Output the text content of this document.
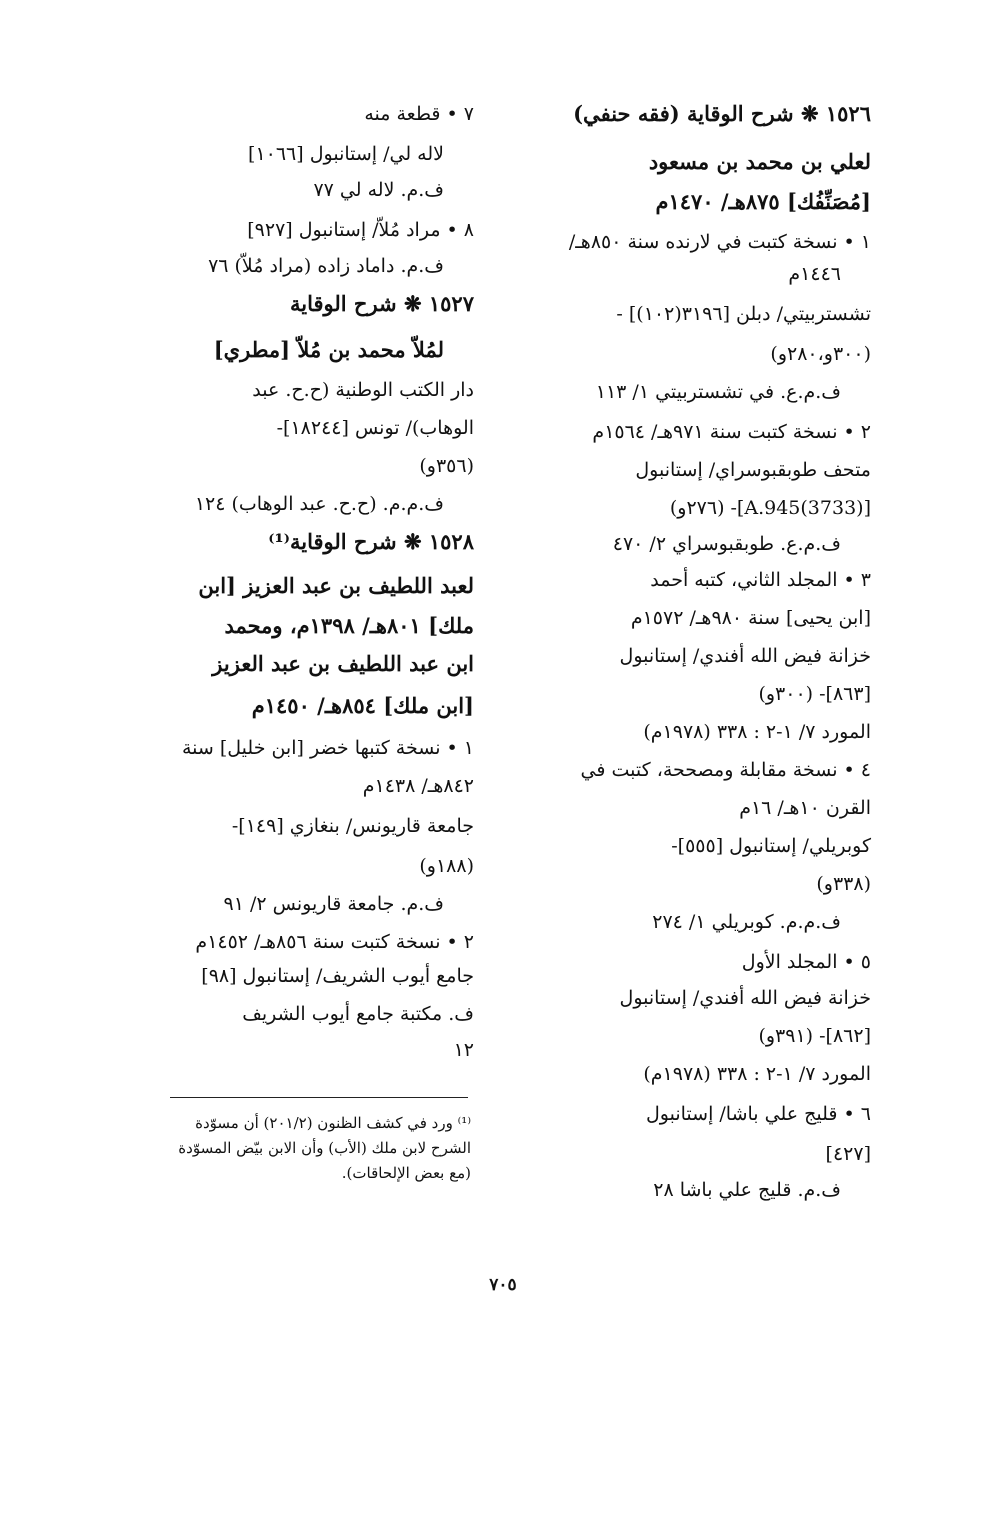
١٥٢٦ ❋ شرح الوقاية (فقه حنفي)
لعلي بن محمد بن مسعود
[مُصَنِّفُك] ٨٧٥هـ/ ١٤٧٠م
١ • نسخة كتبت في لارنده سنة ٨٥٠هـ/
١٤٤٦م
تشستربيتي/ دبلن [٣١٩٦(١٠٢)] -
(٣٠٠و،٢٨٠و)
ف.م.ع. في تشستربيتي ١/ ١١٣
٢ • نسخة كتبت سنة ٩٧١هـ/ ١٥٦٤م
متحف طوبقبوسراي/ إستانبول
[A.945(3733)]- (٢٧٦و)
ف.م.ع. طوبقبوسراي ٢/ ٤٧٠
٣ • المجلد الثاني، كتبه أحمد
[ابن يحيى] سنة ٩٨٠هـ/ ١٥٧٢م
خزانة فيض الله أفندي/ إستانبول
[٨٦٣]- (٣٠٠و)
المورد ٧/ ١-٢ : ٣٣٨ (١٩٧٨م)
٤ • نسخة مقابلة ومصححة، كتبت في
القرن ١٠هـ/ ١٦م
كوبريلي/ إستانبول [٥٥٥]-
(٣٣٨و)
ف.م.م. كوبريلي ١/ ٢٧٤
٥ • المجلد الأول
خزانة فيض الله أفندي/ إستانبول
[٨٦٢]- (٣٩١و)
المورد ٧/ ١-٢ : ٣٣٨ (١٩٧٨م)
٦ • قليج علي باشا/ إستانبول
[٤٢٧]
ف.م. قليج علي باشا ٢٨
٧ • قطعة منه
لاله لي/ إستانبول [١٠٦٦]
ف.م. لاله لي ٧٧
٨ • مراد مُلاّ/ إستانبول [٩٢٧]
ف.م. داماد زاده (مراد مُلاّ) ٧٦
١٥٢٧ ❋ شرح الوقاية
لمُلاّ محمد بن مُلاّ [مطري]
دار الكتب الوطنية (ح.ح. عبد
الوهاب)/ تونس [١٨٢٤٤]-
(٣٥٦و)
ف.م.م. (ح.ح. عبد الوهاب) ١٢٤
١٥٢٨ ❋ شرح الوقاية⁽¹⁾
لعبد اللطيف بن عبد العزيز [ابن
ملك] ٨٠١هـ/ ١٣٩٨م، ومحمد
ابن عبد اللطيف بن عبد العزيز
[ابن ملك] ٨٥٤هـ/ ١٤٥٠م
١ • نسخة كتبها خضر [ابن خليل] سنة
٨٤٢هـ/ ١٤٣٨م
جامعة قاريونس/ بنغازي [١٤٩]-
(١٨٨و)
ف.م. جامعة قاريونس ٢/ ٩١
٢ • نسخة كتبت سنة ٨٥٦هـ/ ١٤٥٢م
جامع أيوب الشريف/ إستانبول [٩٨]
ف. مكتبة جامع أيوب الشريف
١٢
⁽¹⁾ ورد في كشف الظنون (٢٠١/٢) أن مسوّدة
الشرح لابن ملك (الأب) وأن الابن بيّض المسوّدة
(مع بعض الإلحاقات).
٧٠٥
